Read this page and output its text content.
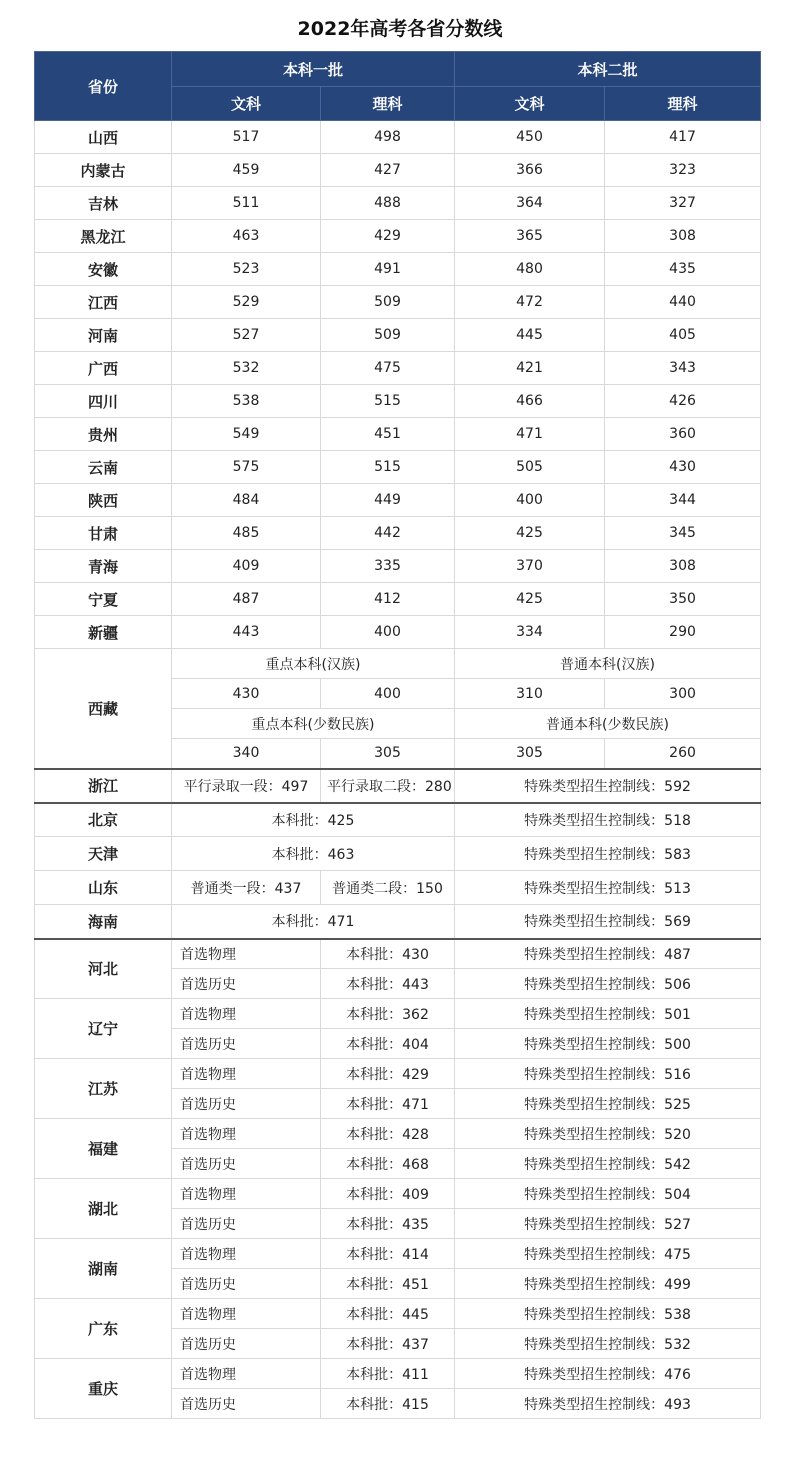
2022年高考各省分数线
省份	本科一批		本科二批	
	文科	理科	文科	理科
山西	517	498	450	417
内蒙古	459	427	366	323
吉林	511	488	364	327
黑龙江	463	429	365	308
安徽	523	491	480	435
江西	529	509	472	440
河南	527	509	445	405
广西	532	475	421	343
四川	538	515	466	426
贵州	549	451	471	360
云南	575	515	505	430
陕西	484	449	400	344
甘肃	485	442	425	345
青海	409	335	370	308
宁夏	487	412	425	350
新疆	443	400	334	290
西藏	重点本科(汉族)		普通本科(汉族)	
	430	400	310	300
	重点本科(少数民族)		普通本科(少数民族)	
	340	305	305	260
浙江	平行录取一段：497	平行录取二段：280	特殊类型招生控制线：592	
北京	本科批：425		特殊类型招生控制线：518	
天津	本科批：463		特殊类型招生控制线：583	
山东	普通类一段：437	普通类二段：150	特殊类型招生控制线：513	
海南	本科批：471		特殊类型招生控制线：569	
河北	首选物理	本科批：430	特殊类型招生控制线：487	
	首选历史	本科批：443	特殊类型招生控制线：506	
辽宁	首选物理	本科批：362	特殊类型招生控制线：501	
	首选历史	本科批：404	特殊类型招生控制线：500	
江苏	首选物理	本科批：429	特殊类型招生控制线：516	
	首选历史	本科批：471	特殊类型招生控制线：525	
福建	首选物理	本科批：428	特殊类型招生控制线：520	
	首选历史	本科批：468	特殊类型招生控制线：542	
湖北	首选物理	本科批：409	特殊类型招生控制线：504	
	首选历史	本科批：435	特殊类型招生控制线：527	
湖南	首选物理	本科批：414	特殊类型招生控制线：475	
	首选历史	本科批：451	特殊类型招生控制线：499	
广东	首选物理	本科批：445	特殊类型招生控制线：538	
	首选历史	本科批：437	特殊类型招生控制线：532	
重庆	首选物理	本科批：411	特殊类型招生控制线：476	
	首选历史	本科批：415	特殊类型招生控制线：493	
